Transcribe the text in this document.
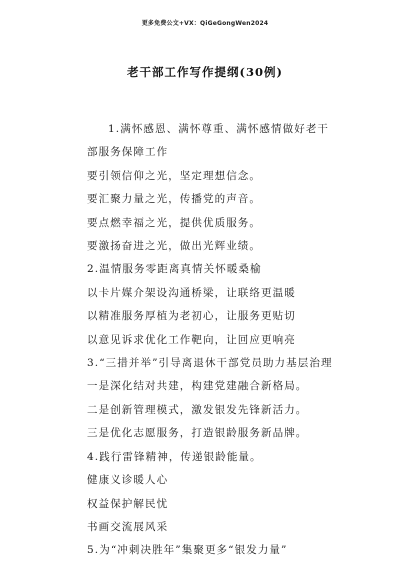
更多免费公文+VX：QiGeGongWen2024
老干部工作写作提纲(30例)

1.满怀感恩、满怀尊重、满怀感情做好老干部服务保障工作

要引领信仰之光，坚定理想信念。

要汇聚力量之光，传播党的声音。

要点燃幸福之光，提供优质服务。

要激扬奋进之光，做出光辉业绩。

2.温情服务零距离真情关怀暖桑榆

以卡片媒介架设沟通桥梁，让联络更温暖

以精准服务厚植为老初心，让服务更贴切

以意见诉求优化工作靶向，让回应更响亮

3.“三措并举”引导离退休干部党员助力基层治理

一是深化结对共建，构建党建融合新格局。

二是创新管理模式，激发银发先锋新活力。

三是优化志愿服务，打造银龄服务新品牌。

4.践行雷锋精神，传递银龄能量。

健康义诊暖人心

权益保护解民忧

书画交流展风采

5.为“冲刺决胜年”集聚更多“银发力量”
